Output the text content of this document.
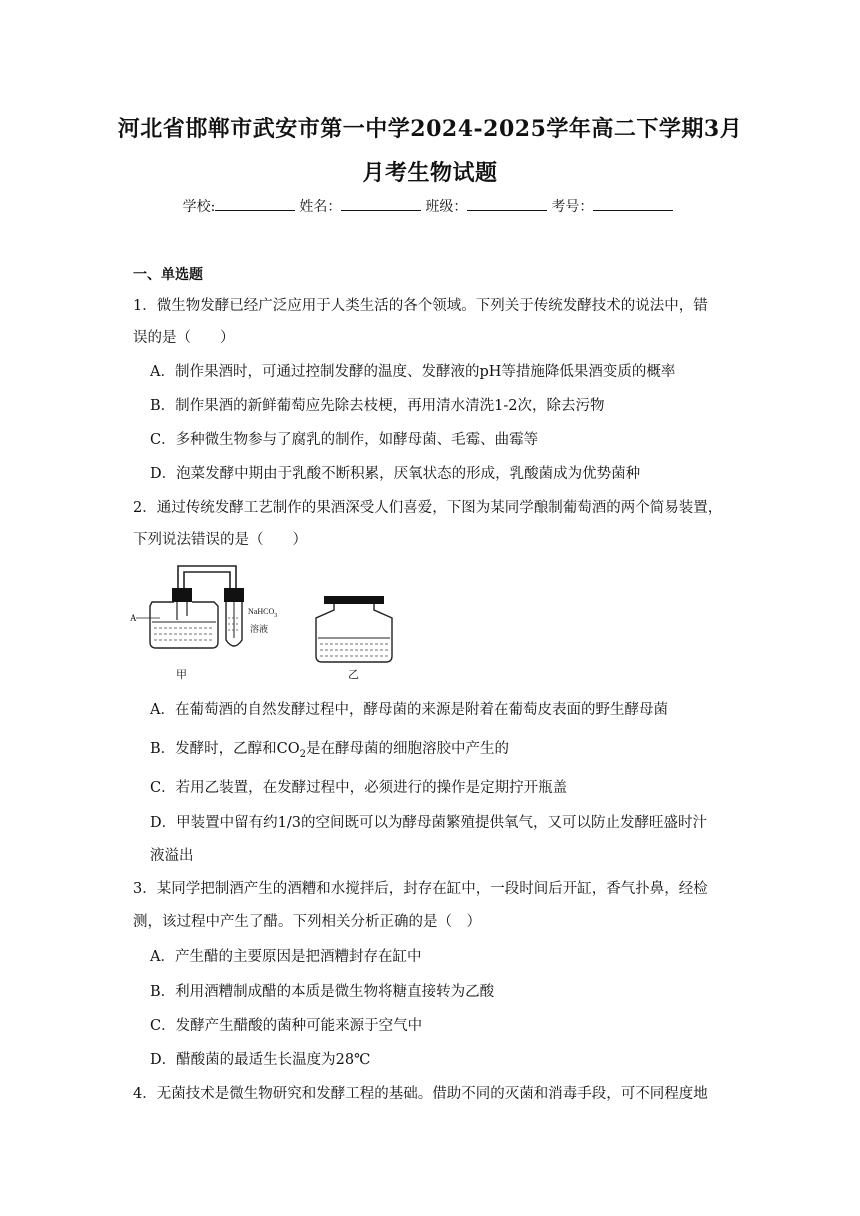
河北省邯郸市武安市第一中学2024-2025学年高二下学期3月
月考生物试题
学校:	姓名：	班级：	考号：
一、单选题
1．微生物发酵已经广泛应用于人类生活的各个领域。下列关于传统发酵技术的说法中，错
误的是（　　）
A．制作果酒时，可通过控制发酵的温度、发酵液的pH等措施降低果酒变质的概率
B．制作果酒的新鲜葡萄应先除去枝梗，再用清水清洗1-2次，除去污物
C．多种微生物参与了腐乳的制作，如酵母菌、毛霉、曲霉等
D．泡菜发酵中期由于乳酸不断积累，厌氧状态的形成，乳酸菌成为优势菌种
2．通过传统发酵工艺制作的果酒深受人们喜爱，下图为某同学酿制葡萄酒的两个简易装置，
下列说法错误的是（　　）
A
甲
NaHCO$_3$
溶液
乙
A．在葡萄酒的自然发酵过程中，酵母菌的来源是附着在葡萄皮表面的野生酵母菌
B．发酵时，乙醇和$CO_2$是在酵母菌的细胞溶胶中产生的
C．若用乙装置，在发酵过程中，必须进行的操作是定期拧开瓶盖
D．甲装置中留有约1/3的空间既可以为酵母菌繁殖提供氧气，又可以防止发酵旺盛时汁
液溢出
3．某同学把制酒产生的酒糟和水搅拌后，封存在缸中，一段时间后开缸，香气扑鼻，经检
测，该过程中产生了醋。下列相关分析正确的是（　）
A．产生醋的主要原因是把酒糟封存在缸中
B．利用酒糟制成醋的本质是微生物将糖直接转为乙酸
C．发酵产生醋酸的菌种可能来源于空气中
D．醋酸菌的最适生长温度为28℃
4．无菌技术是微生物研究和发酵工程的基础。借助不同的灭菌和消毒手段，可不同程度地
